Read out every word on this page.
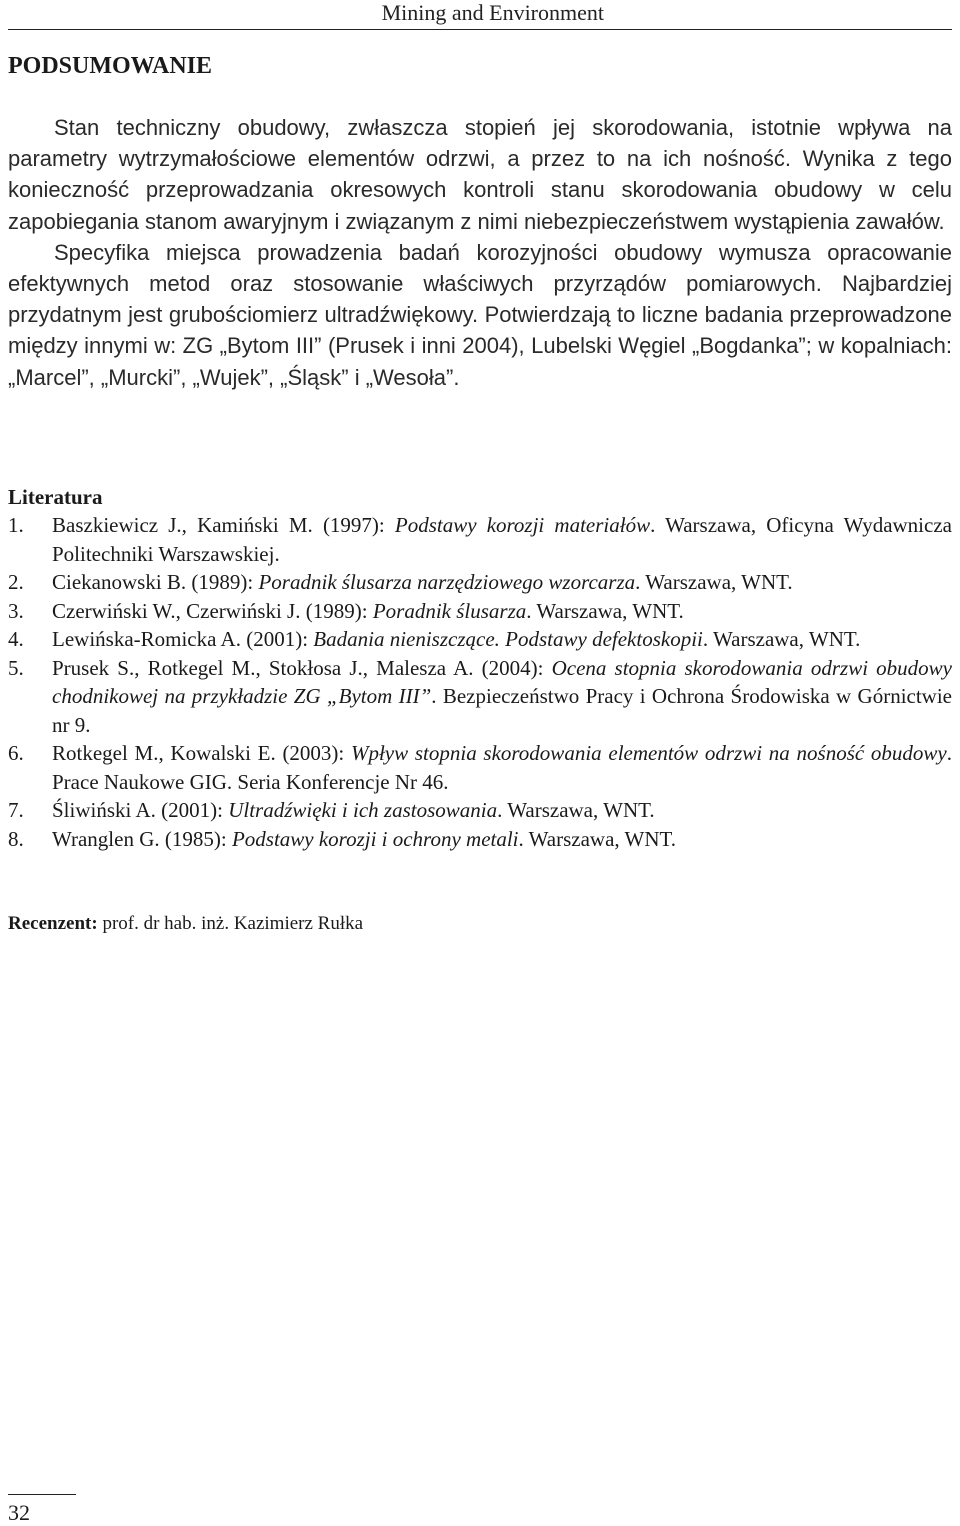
Mining and Environment
PODSUMOWANIE

Stan techniczny obudowy, zwłaszcza stopień jej skorodowania, istotnie wpływa na parametry wytrzymałościowe elementów odrzwi, a przez to na ich nośność. Wynika z tego konieczność przeprowadzania okresowych kontroli stanu skorodowania obudowy w celu zapobiegania stanom awaryjnym i związanym z nimi niebezpieczeństwem wystąpienia zawałów.

Specyfika miejsca prowadzenia badań korozyjności obudowy wymusza opracowanie efektywnych metod oraz stosowanie właściwych przyrządów pomiarowych. Najbardziej przydatnym jest grubościomierz ultradźwiękowy. Potwierdzają to liczne badania przeprowadzone między innymi w: ZG „Bytom III” (Prusek i inni 2004), Lubelski Węgiel „Bogdanka”; w kopalniach: „Marcel”, „Murcki”, „Wujek”, „Śląsk” i „Wesoła”.

Literatura
1. Baszkiewicz J., Kamiński M. (1997): Podstawy korozji materiałów. Warszawa, Oficyna Wydawnicza Politechniki Warszawskiej.
2. Ciekanowski B. (1989): Poradnik ślusarza narzędziowego wzorcarza. Warszawa, WNT.
3. Czerwiński W., Czerwiński J. (1989): Poradnik ślusarza. Warszawa, WNT.
4. Lewińska-Romicka A. (2001): Badania nieniszczące. Podstawy defektoskopii. Warszawa, WNT.
5. Prusek S., Rotkegel M., Stokłosa J., Malesza A. (2004): Ocena stopnia skorodowania odrzwi obudowy chodnikowej na przykładzie ZG „Bytom III”. Bezpieczeństwo Pracy i Ochrona Środowiska w Górnictwie nr 9.
6. Rotkegel M., Kowalski E. (2003): Wpływ stopnia skorodowania elementów odrzwi na nośność obudowy. Prace Naukowe GIG. Seria Konferencje Nr 46.
7. Śliwiński A. (2001): Ultradźwięki i ich zastosowania. Warszawa, WNT.
8. Wranglen G. (1985): Podstawy korozji i ochrony metali. Warszawa, WNT.
Recenzent: prof. dr hab. inż. Kazimierz Rułka
32
